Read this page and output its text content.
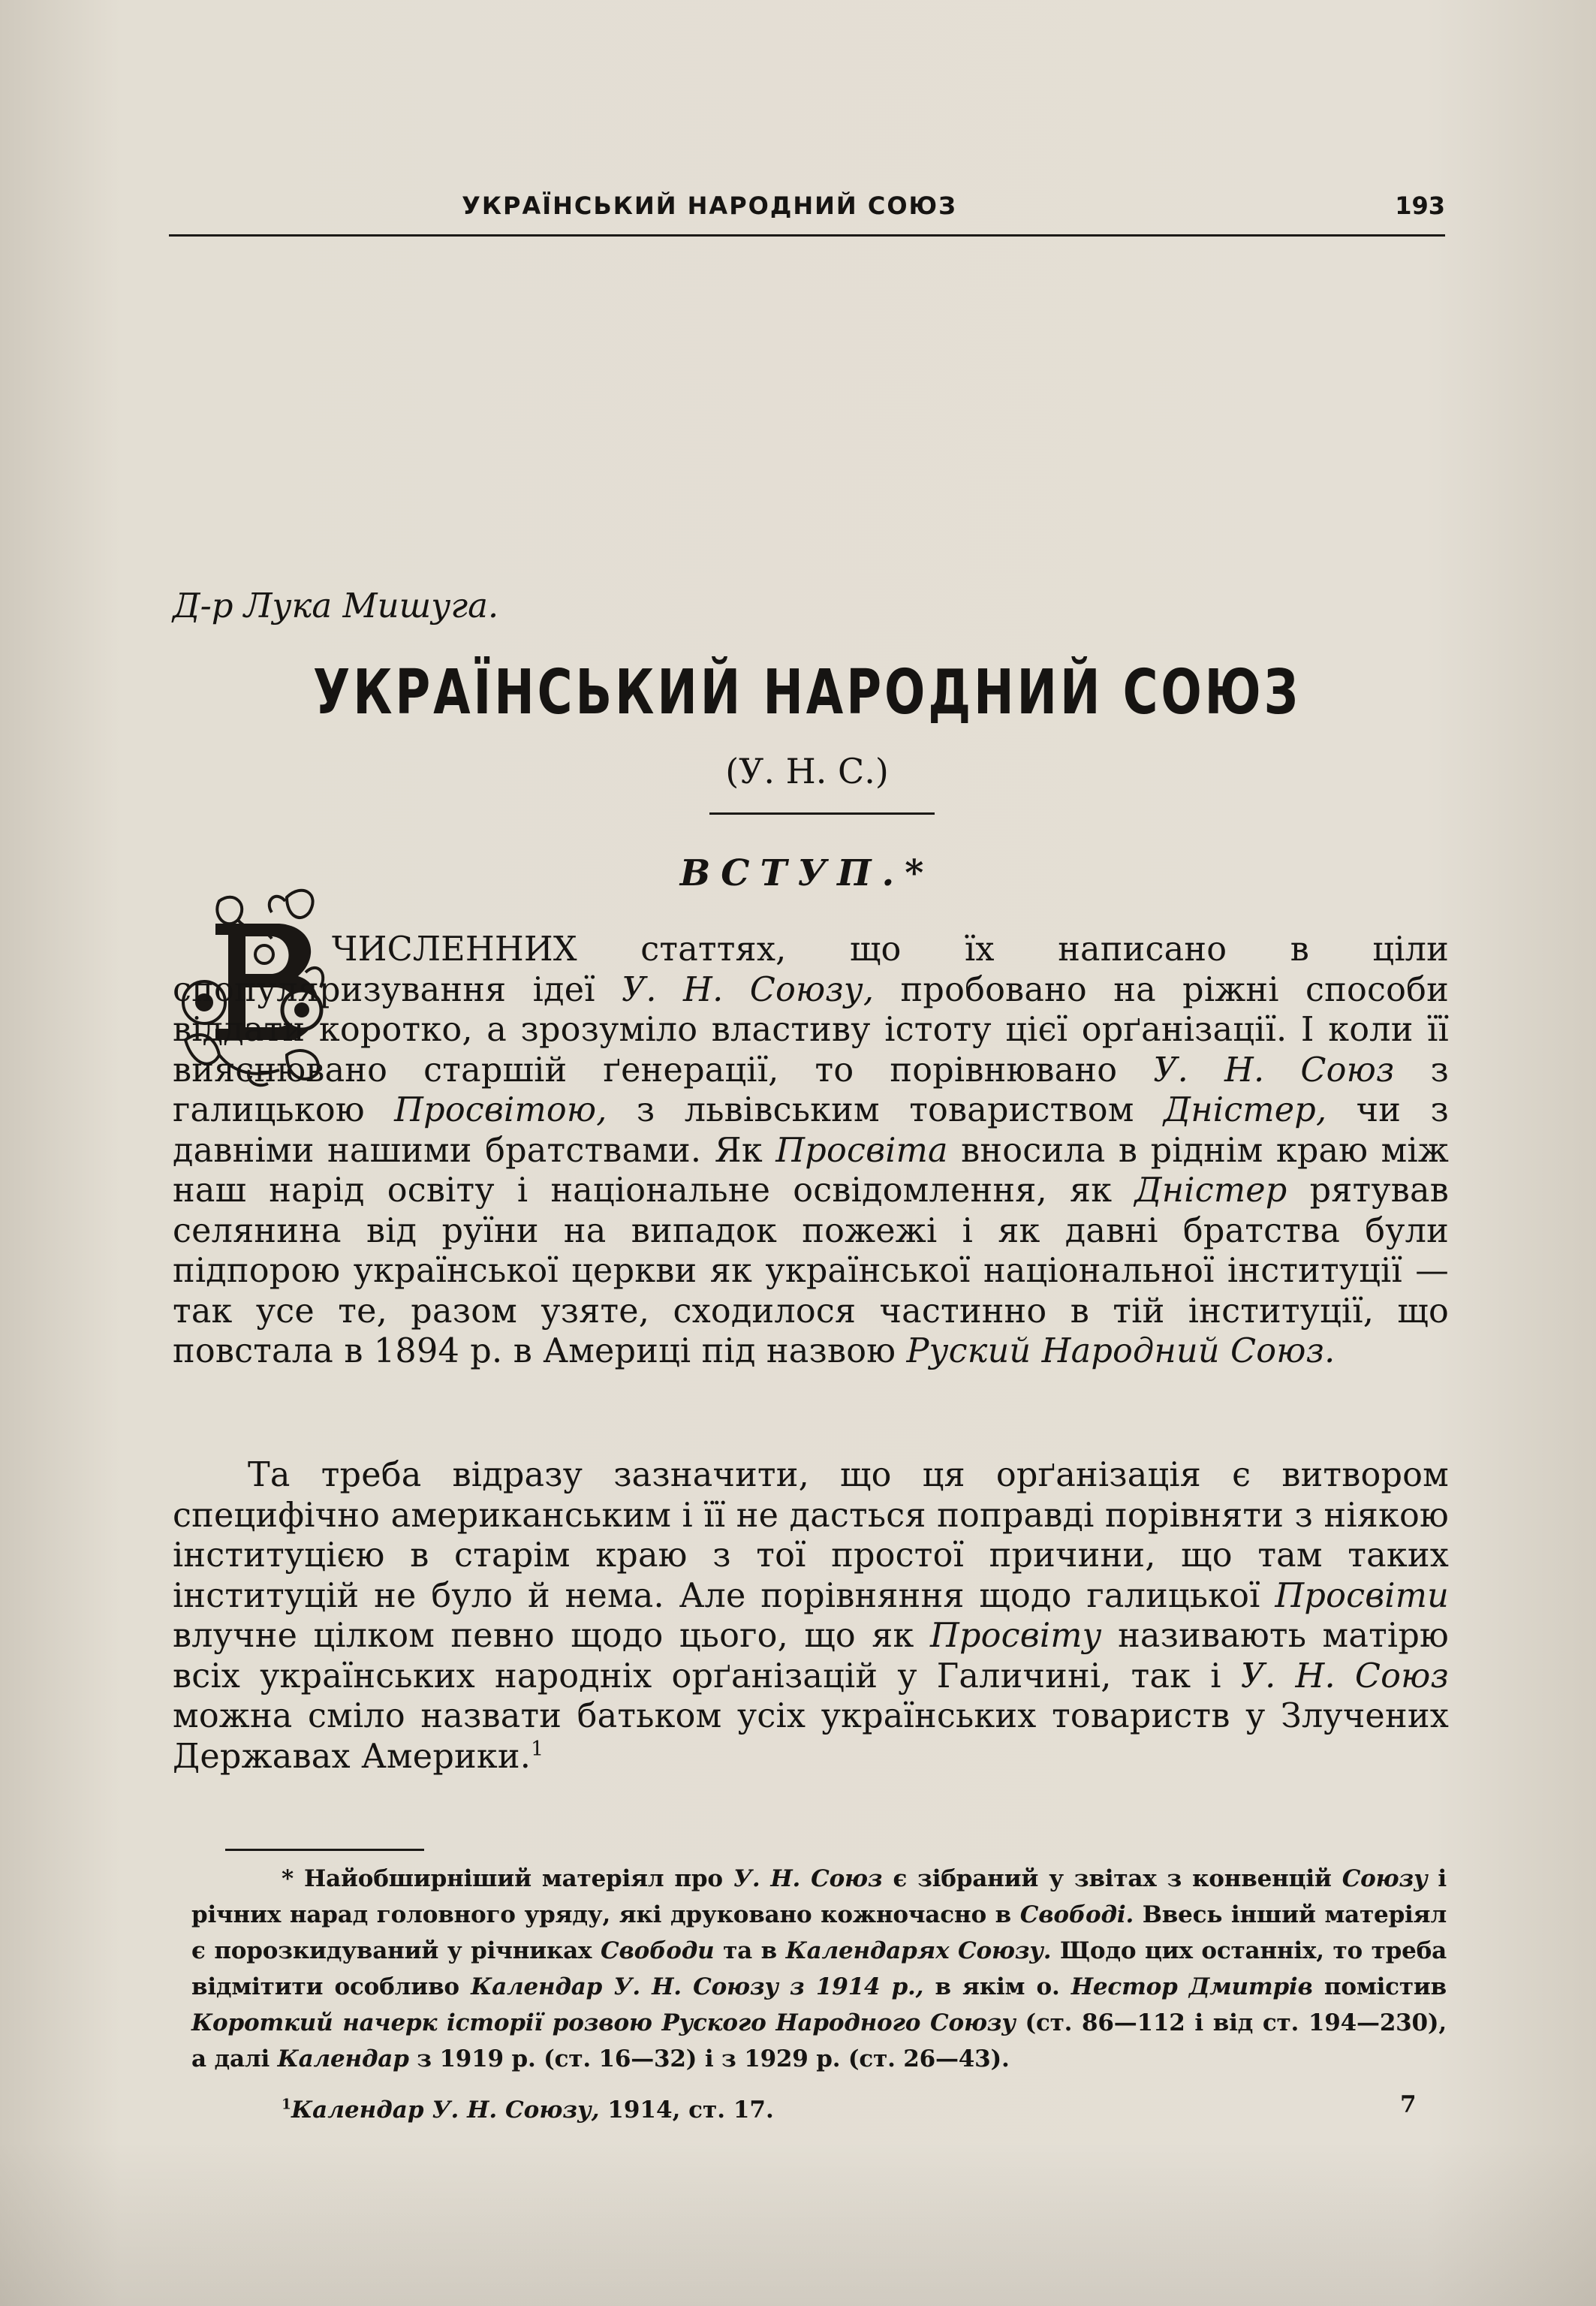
УКРАЇНСЬКИЙ НАРОДНИЙ СОЮЗ	193
Д-р Лука Мишуга.
УКРАЇНСЬКИЙ НАРОДНИЙ СОЮЗ
(У. Н. С.)
ВСТУП.*
ЧИСЛЕННИХ статтях, що їх написано в ціли спопуляризування ідеї У. Н. Союзу, пробовано на ріжні способи віддати коротко, а зрозуміло властиву істоту цієї орґанізації. І коли її вияснювано старшій ґенерації, то порівнювано У. Н. Союз з галицькою Просвітою, з львівським товариством Дністер, чи з давніми нашими братствами. Як Просвіта вносила в ріднім краю між наш нарід освіту і національне освідомлення, як Дністер рятував селянина від руїни на випадок пожежі і як давні братства були підпорою української церкви як української національної інституції — так усе те, разом узяте, сходилося частинно в тій інституції, що повстала в 1894 р. в Америці під назвою Руский Народний Союз.
Та треба відразу зазначити, що ця орґанізація є витвором специфічно американським і її не дасться поправді порівняти з ніякою інституцією в старім краю з тої простої причини, що там таких інституцій не було й нема. Але порівняння щодо галицької Просвіти влучне цілком певно щодо цього, що як Просвіту називають матірю всіх українських народніх орґанізацій у Галичині, так і У. Н. Союз можна сміло назвати батьком усіх українських товариств у Злучених Державах Америки.$^1$
* Найобширніший матеріял про У. Н. Союз є зібраний у звітах з конвенцій Союзу і річних нарад головного уряду, які друковано кожночасно в Свободі. Ввесь інший матеріял є порозкидуваний у річниках Свободи та в Календарях Союзу. Щодо цих останніх, то треба відмітити особливо Календар У. Н. Союзу з 1914 р., в якім о. Нестор Дмитрів помістив Короткий начерк історії розвою Руского Народного Союзу (ст. 86—112 і від ст. 194—230), а далі Календар з 1919 р. (ст. 16—32) і з 1929 р. (ст. 26—43).
$^1$Календар У. Н. Союзу, 1914, ст. 17.	7
